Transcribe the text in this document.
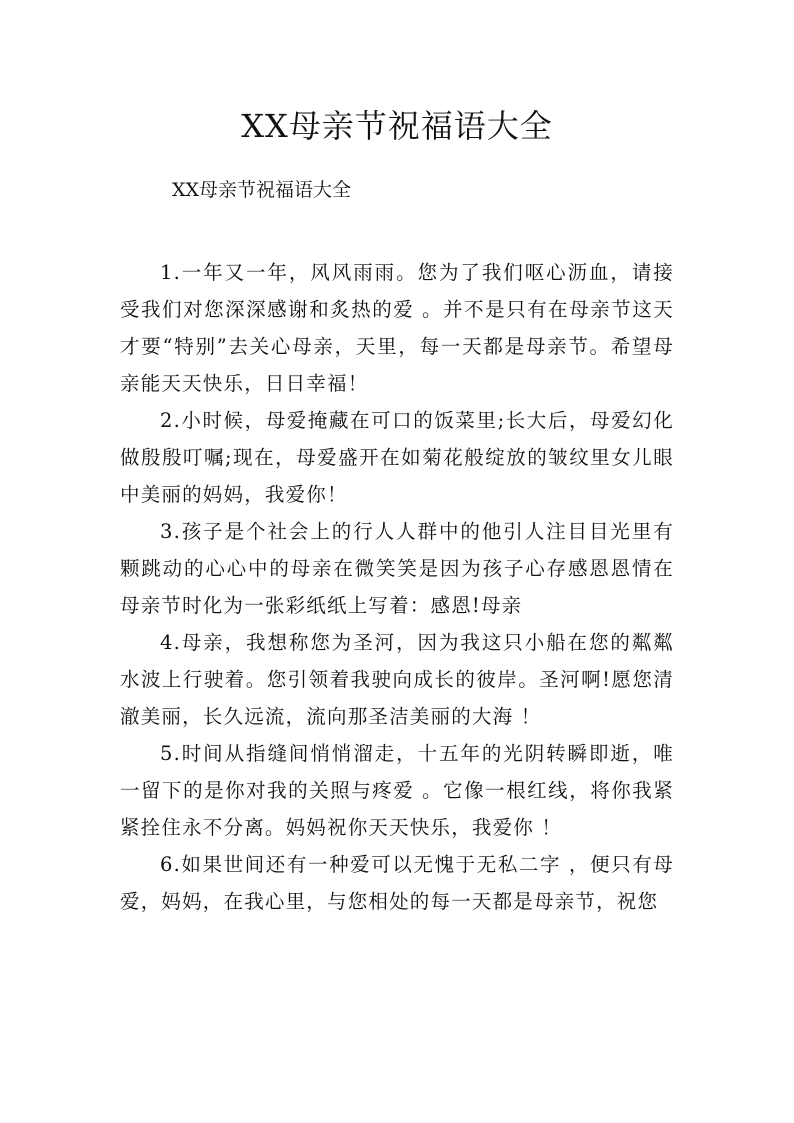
XX母亲节祝福语大全
XX母亲节祝福语大全

1.一年又一年，风风雨雨。您为了我们呕心沥血，请接受我们对您深深感谢和炙热的爱 。并不是只有在母亲节这天才要“特别”去关心母亲，天里，每一天都是母亲节。希望母亲能天天快乐，日日幸福！

2.小时候，母爱掩藏在可口的饭菜里;长大后，母爱幻化做殷殷叮嘱;现在，母爱盛开在如菊花般绽放的皱纹里女儿眼中美丽的妈妈，我爱你！

3.孩子是个社会上的行人人群中的他引人注目目光里有颗跳动的心心中的母亲在微笑笑是因为孩子心存感恩恩情在母亲节时化为一张彩纸纸上写着：感恩!母亲

4.母亲，我想称您为圣河，因为我这只小船在您的粼粼水波上行驶着。您引领着我驶向成长的彼岸。圣河啊!愿您清澈美丽，长久远流，流向那圣洁美丽的大海 ！

5.时间从指缝间悄悄溜走，十五年的光阴转瞬即逝，唯一留下的是你对我的关照与疼爱 。它像一根红线，将你我紧紧拴住永不分离。妈妈祝你天天快乐，我爱你 ！

6.如果世间还有一种爱可以无愧于无私二字 ，便只有母爱，妈妈，在我心里，与您相处的每一天都是母亲节，祝您
